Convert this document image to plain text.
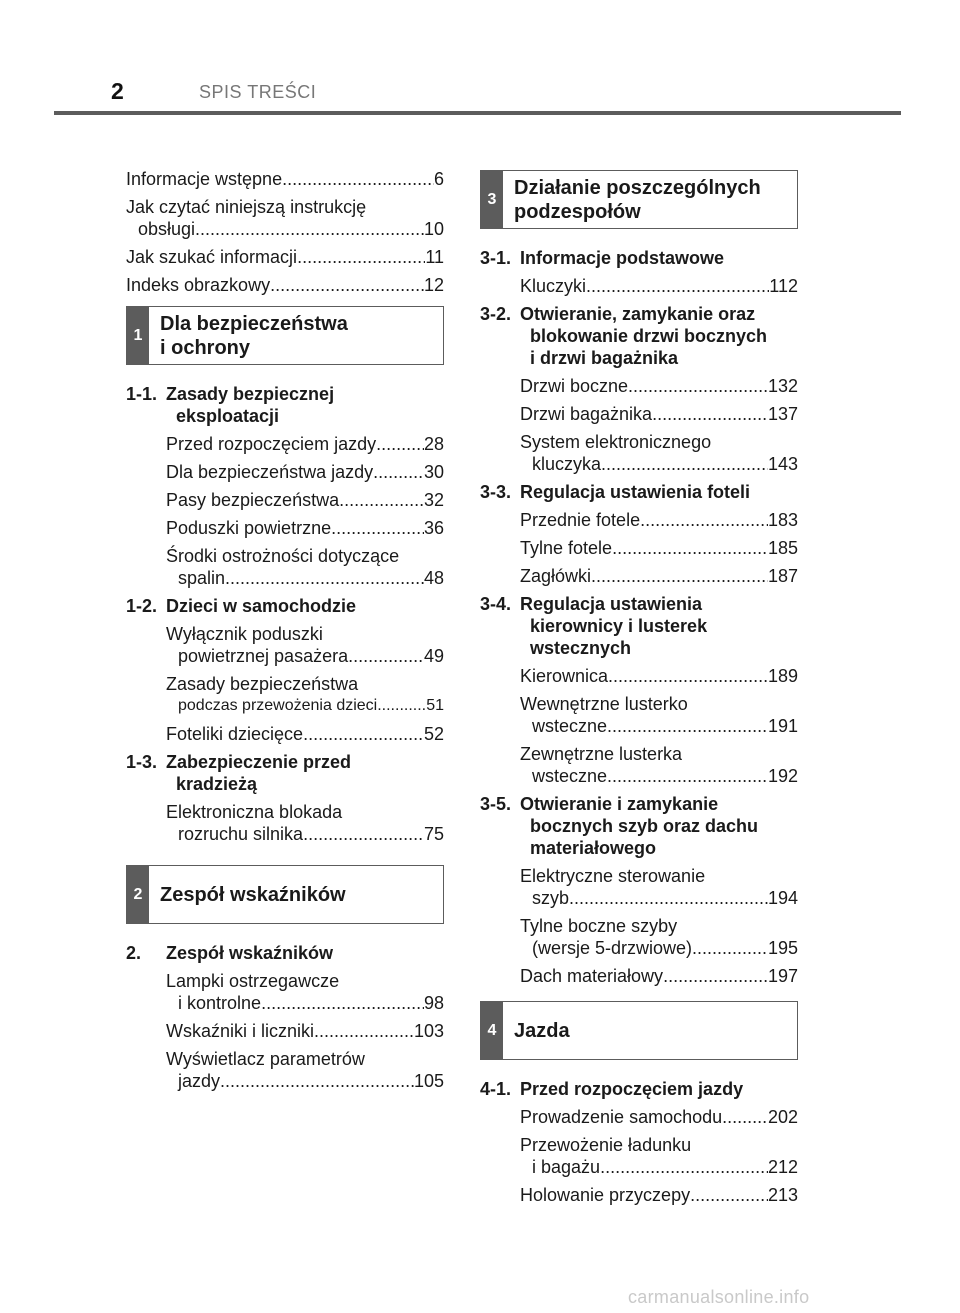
2	SPIS TREŚCI
Informacje wstępne .....	6
Jak czytać niniejszą instrukcję
obsługi .....	10
Jak szukać informacji .....	11
Indeks obrazkowy .....	12
1
Dla bezpieczeństwa
i ochrony
1-1. Zasady bezpiecznej
eksploatacji
Przed rozpoczęciem jazdy .....	28
Dla bezpieczeństwa jazdy .....	30
Pasy bezpieczeństwa .....	32
Poduszki powietrzne .....	36
Środki ostrożności dotyczące
spalin .....	48
1-2. Dzieci w samochodzie
Wyłącznik poduszki
powietrznej pasażera .....	49
Zasady bezpieczeństwa
podczas przewożenia dzieci .....	51
Foteliki dziecięce .....	52
1-3. Zabezpieczenie przed
kradzieżą
Elektroniczna blokada
rozruchu silnika .....	75
2 Zespół wskaźników
2.	Zespół wskaźników
Lampki ostrzegawcze
i kontrolne .....	98
Wskaźniki i liczniki .....	103
Wyświetlacz parametrów
jazdy .....	105
3
Działanie poszczególnych
podzespołów
3-1. Informacje podstawowe
Kluczyki .....	112
3-2. Otwieranie, zamykanie oraz
blokowanie drzwi bocznych
i drzwi bagażnika
Drzwi boczne .....	132
Drzwi bagażnika .....	137
System elektronicznego
kluczyka .....	143
3-3. Regulacja ustawienia foteli
Przednie fotele .....	183
Tylne fotele .....	185
Zagłówki .....	187
3-4. Regulacja ustawienia
kierownicy i lusterek
wstecznych
Kierownica .....	189
Wewnętrzne lusterko
wsteczne .....	191
Zewnętrzne lusterka
wsteczne .....	192
3-5. Otwieranie i zamykanie
bocznych szyb oraz dachu
materiałowego
Elektryczne sterowanie
szyb .....	194
Tylne boczne szyby
(wersje 5-drzwiowe) .....	195
Dach materiałowy .....	197
4 Jazda
4-1. Przed rozpoczęciem jazdy
Prowadzenie samochodu .....	202
Przewożenie ładunku
i bagażu .....	212
Holowanie przyczepy .....	213
carmanualsonline.info
